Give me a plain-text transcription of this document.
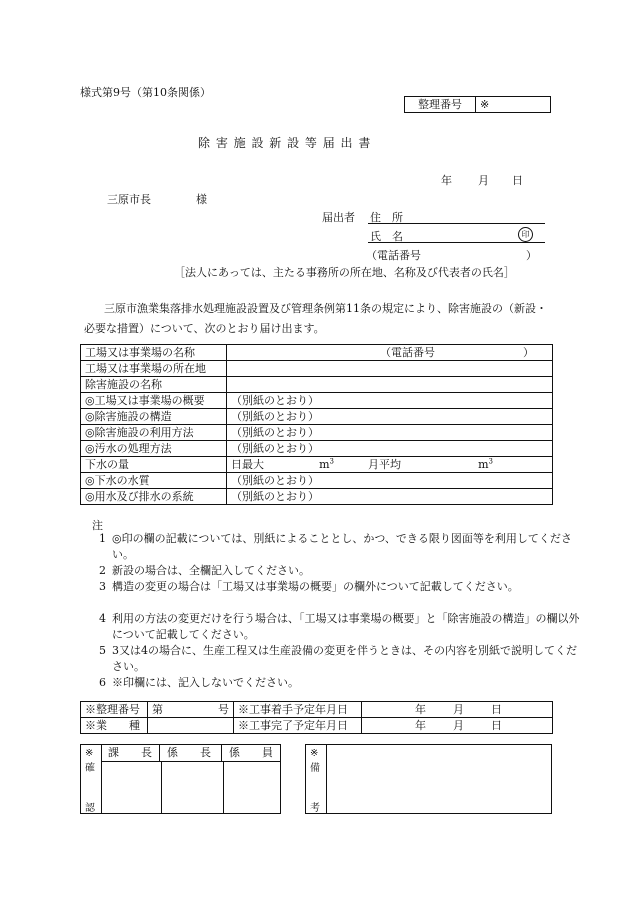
様式第9号（第10条関係）
整理番号	※
除 害 施 設 新 設 等 届 出 書
年 月 日
三原市長	様
届出者 住　所
氏　名	印
（電話番号	）
［法人にあっては、主たる事務所の所在地、名称及び代表者の氏名］
三原市漁業集落排水処理施設設置及び管理条例第11条の規定により、除害施設の（新設・必要な措置）について、次のとおり届け出ます。
工場又は事業場の名称	（電話番号　　　　　　　　）
工場又は事業場の所在地	
除害施設の名称	
◎工場又は事業場の概要	（別紙のとおり）
◎除害施設の構造	（別紙のとおり）
◎除害施設の利用方法	（別紙のとおり）
◎汚水の処理方法	（別紙のとおり）
下水の量	日最大 $m^3$ 月平均 $m^3$
◎下水の水質	（別紙のとおり）
◎用水及び排水の系統	（別紙のとおり）
注
1 ◎印の欄の記載については、別紙によることとし、かつ、できる限り図面等を利用してください。
2 新設の場合は、全欄記入してください。
3 構造の変更の場合は「工場又は事業場の概要」の欄外について記載してください。
4 利用の方法の変更だけを行う場合は、「工場又は事業場の概要」と「除害施設の構造」の欄以外について記載してください。
5 3又は4の場合に、生産工程又は生産設備の変更を伴うときは、その内容を別紙で説明してください。
6 ※印欄には、記入しないでください。
※整理番号	第 号	※工事着手予定年月日	年 月 日
※業　　種		※工事完了予定年月日	年 月 日
※
確
認
課　　長	係　　長	係　　員	※
備
考
